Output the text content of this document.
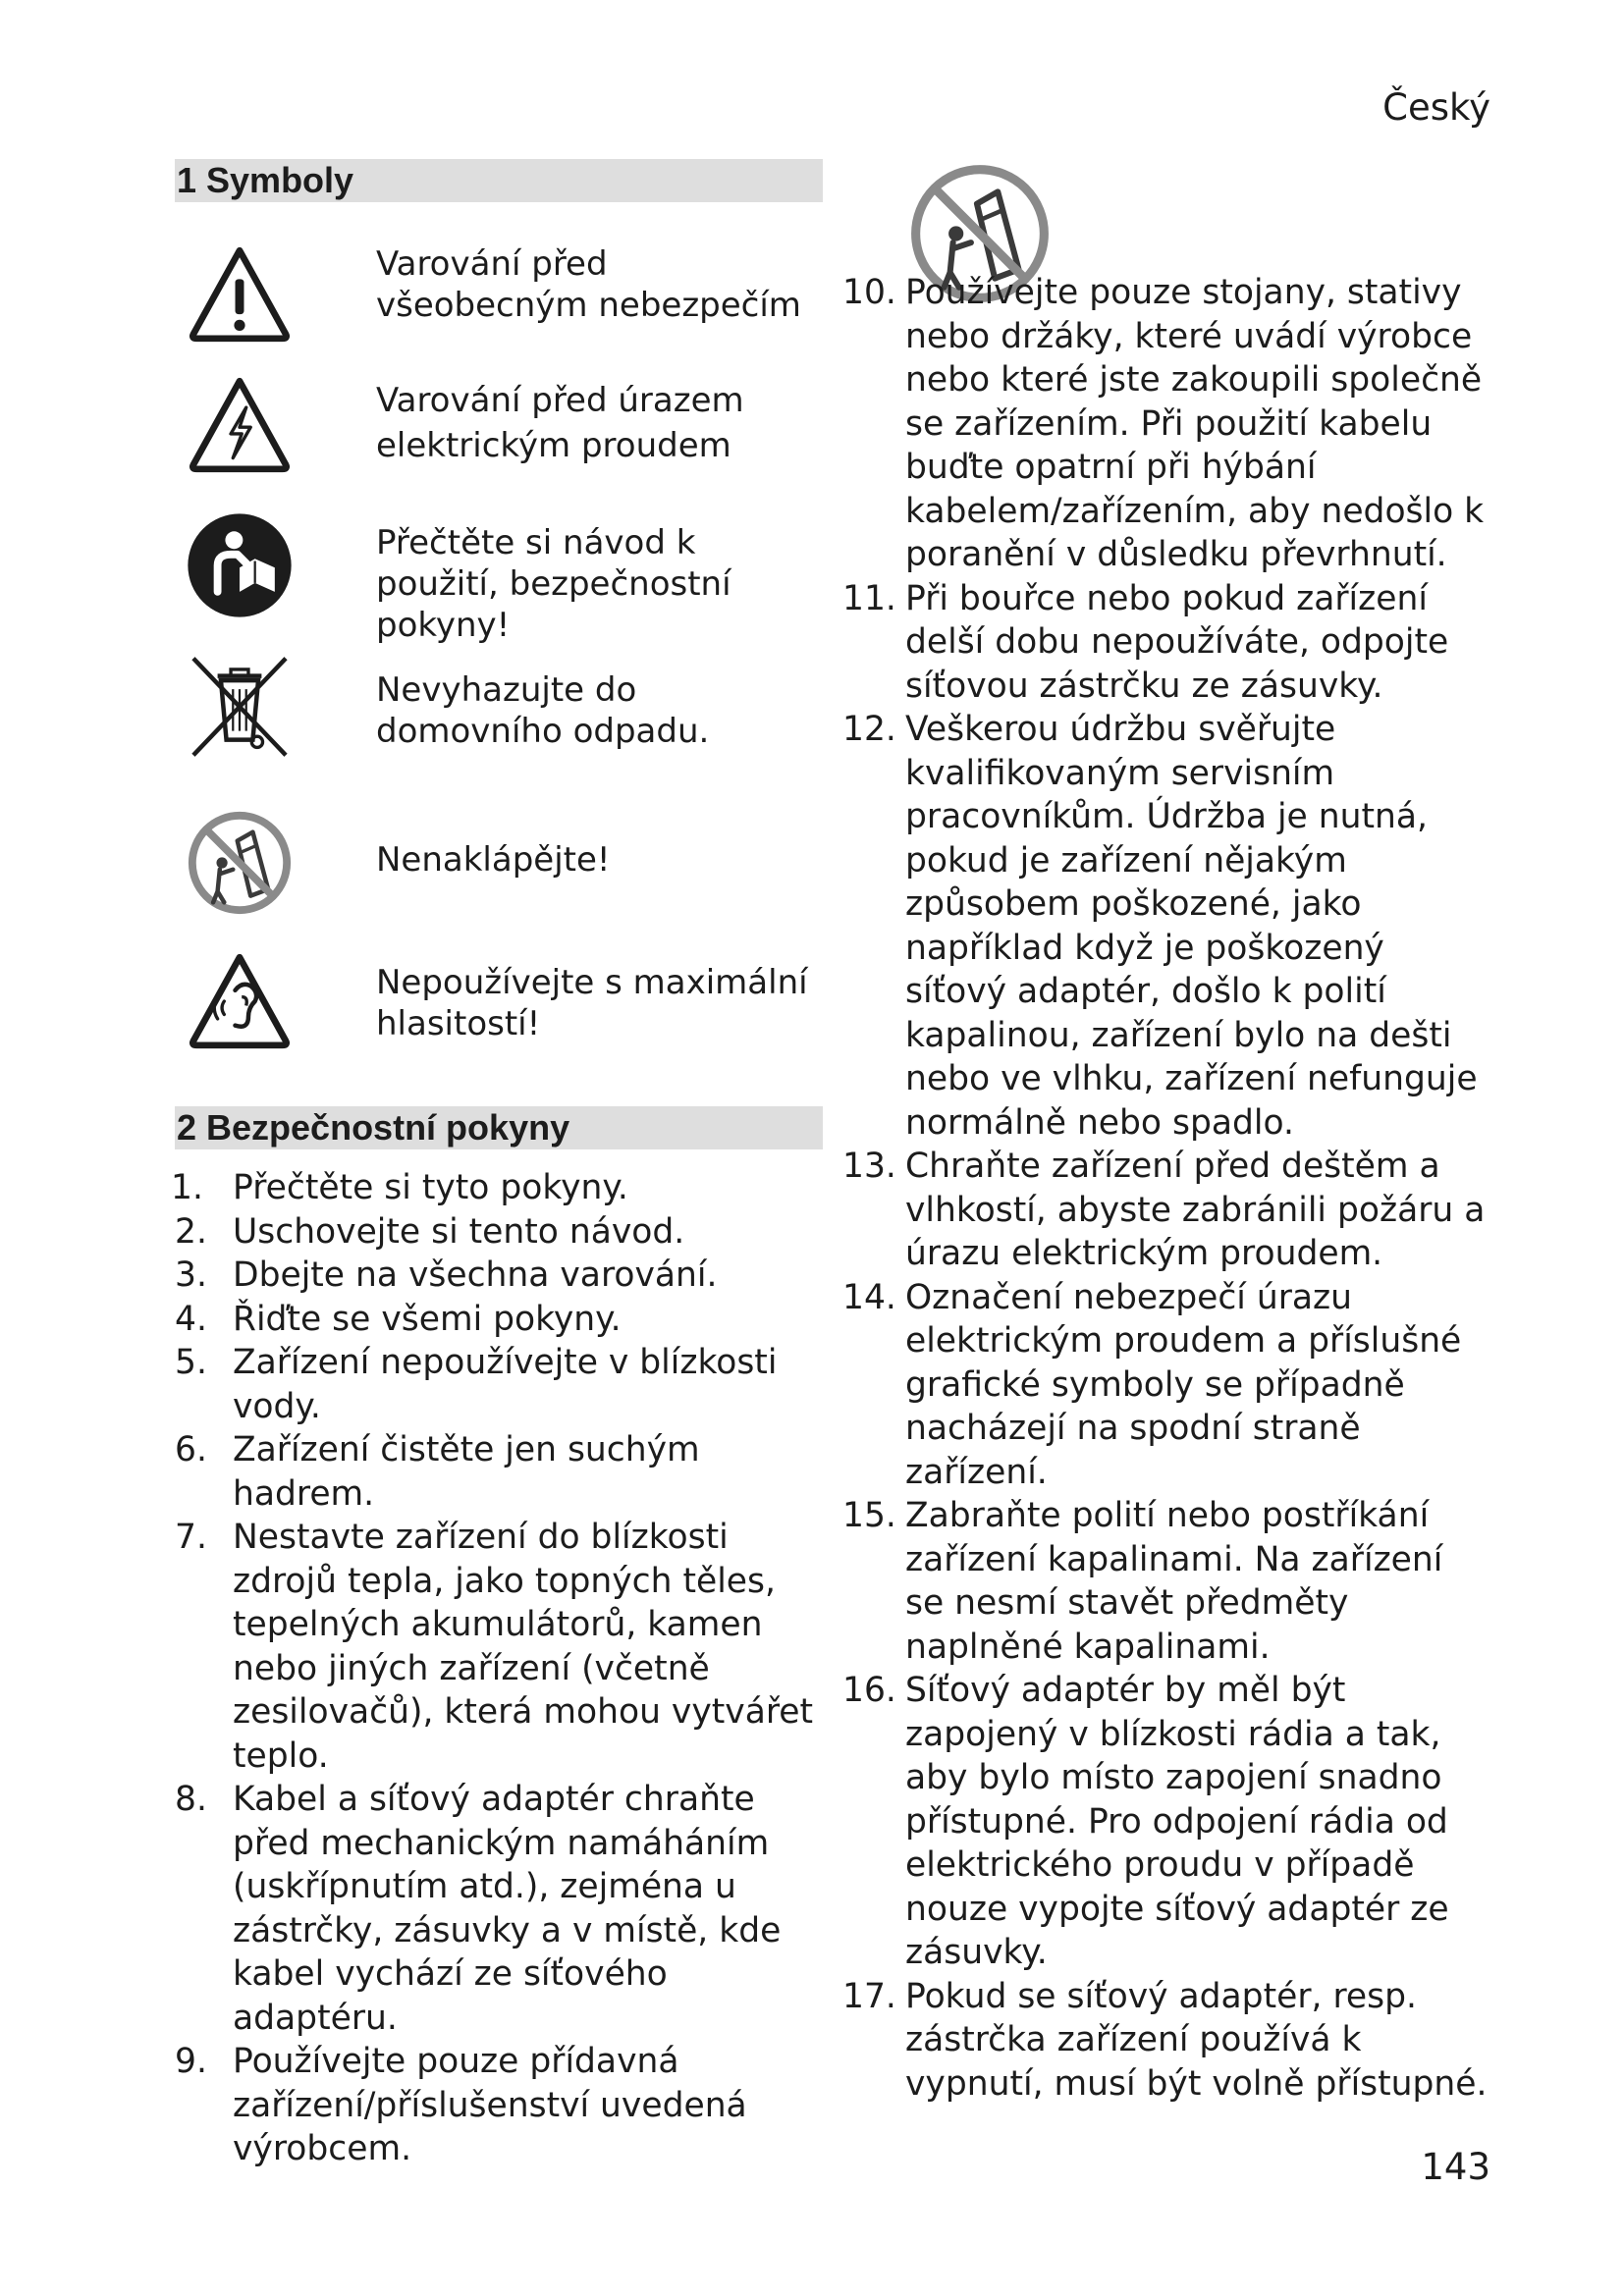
Český
1 Symboly
Varování před všeobecným nebezpečím
Varování před úrazem elektrickým proudem
Přečtěte si návod k použití, bezpečnostní pokyny!
Nevyhazujte do domovního odpadu.
Nenaklápějte!
Nepoužívejte s maximální hlasitostí!
2 Bezpečnostní pokyny
1. Přečtěte si tyto pokyny.
2. Uschovejte si tento návod.
3. Dbejte na všechna varování.
4. Řiďte se všemi pokyny.
5. Zařízení nepoužívejte v blízkosti vody.
6. Zařízení čistěte jen suchým hadrem.
7. Nestavte zařízení do blízkosti zdrojů tepla, jako topných těles, tepelných akumulátorů, kamen nebo jiných zařízení (včetně zesilovačů), která mohou vytvářet teplo.
8. Kabel a síťový adaptér chraňte před mechanickým namáháním (uskřípnutím atd.), zejména u zástrčky, zásuvky a v místě, kde kabel vychází ze síťového adaptéru.
9. Používejte pouze přídavná zařízení/příslušenství uvedená výrobcem.
10. Používejte pouze stojany, stativy nebo držáky, které uvádí výrobce nebo které jste zakoupili společně se zařízením. Při použití kabelu buďte opatrní při hýbání kabelem/zařízením, aby nedošlo k poranění v důsledku převrhnutí.
11. Při bouřce nebo pokud zařízení delší dobu nepoužíváte, odpojte síťovou zástrčku ze zásuvky.
12. Veškerou údržbu svěřujte kvalifikovaným servisním pracovníkům. Údržba je nutná, pokud je zařízení nějakým způsobem poškozené, jako například když je poškozený síťový adaptér, došlo k polití kapalinou, zařízení bylo na dešti nebo ve vlhku, zařízení nefunguje normálně nebo spadlo.
13. Chraňte zařízení před deštěm a vlhkostí, abyste zabránili požáru a úrazu elektrickým proudem.
14. Označení nebezpečí úrazu elektrickým proudem a příslušné grafické symboly se případně nacházejí na spodní straně zařízení.
15. Zabraňte polití nebo postříkání zařízení kapalinami. Na zařízení se nesmí stavět předměty naplněné kapalinami.
16. Síťový adaptér by měl být zapojený v blízkosti rádia a tak, aby bylo místo zapojení snadno přístupné. Pro odpojení rádia od elektrického proudu v případě nouze vypojte síťový adaptér ze zásuvky.
17. Pokud se síťový adaptér, resp. zástrčka zařízení používá k vypnutí, musí být volně přístupné.
143
